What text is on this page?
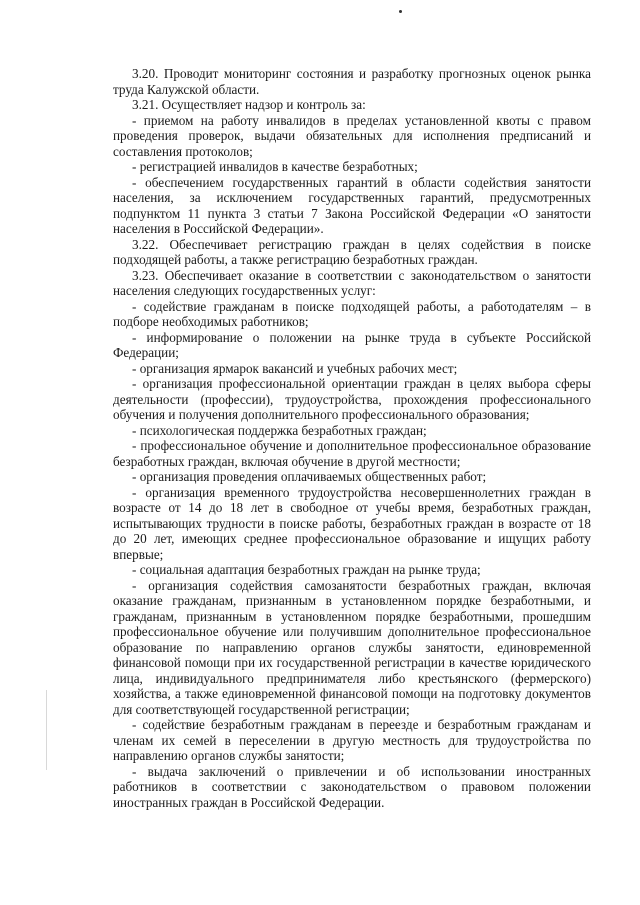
3.20. Проводит мониторинг состояния и разработку прогнозных оценок рынка труда Калужской области.

3.21. Осуществляет надзор и контроль за:

- приемом на работу инвалидов в пределах установленной квоты с правом проведения проверок, выдачи обязательных для исполнения предписаний и составления протоколов;

- регистрацией инвалидов в качестве безработных;

- обеспечением государственных гарантий в области содействия занятости населения, за исключением государственных гарантий, предусмотренных подпунктом 11 пункта 3 статьи 7 Закона Российской Федерации «О занятости населения в Российской Федерации».

3.22. Обеспечивает регистрацию граждан в целях содействия в поиске подходящей работы, а также регистрацию безработных граждан.

3.23. Обеспечивает оказание в соответствии с законодательством о занятости населения следующих государственных услуг:

- содействие гражданам в поиске подходящей работы, а работодателям – в подборе необходимых работников;

- информирование о положении на рынке труда в субъекте Российской Федерации;

- организация ярмарок вакансий и учебных рабочих мест;

- организация профессиональной ориентации граждан в целях выбора сферы деятельности (профессии), трудоустройства, прохождения профессионального обучения и получения дополнительного профессионального образования;

- психологическая поддержка безработных граждан;

- профессиональное обучение и дополнительное профессиональное образование безработных граждан, включая обучение в другой местности;

- организация проведения оплачиваемых общественных работ;

- организация временного трудоустройства несовершеннолетних граждан в возрасте от 14 до 18 лет в свободное от учебы время, безработных граждан, испытывающих трудности в поиске работы, безработных граждан в возрасте от 18 до 20 лет, имеющих среднее профессиональное образование и ищущих работу впервые;

- социальная адаптация безработных граждан на рынке труда;

- организация содействия самозанятости безработных граждан, включая оказание гражданам, признанным в установленном порядке безработными, и гражданам, признанным в установленном порядке безработными, прошедшим профессиональное обучение или получившим дополнительное профессиональное образование по направлению органов службы занятости, единовременной финансовой помощи при их государственной регистрации в качестве юридического лица, индивидуального предпринимателя либо крестьянского (фермерского) хозяйства, а также единовременной финансовой помощи на подготовку документов для соответствующей государственной регистрации;

- содействие безработным гражданам в переезде и безработным гражданам и членам их семей в переселении в другую местность для трудоустройства по направлению органов службы занятости;

- выдача заключений о привлечении и об использовании иностранных работников в соответствии с законодательством о правовом положении иностранных граждан в Российской Федерации.
